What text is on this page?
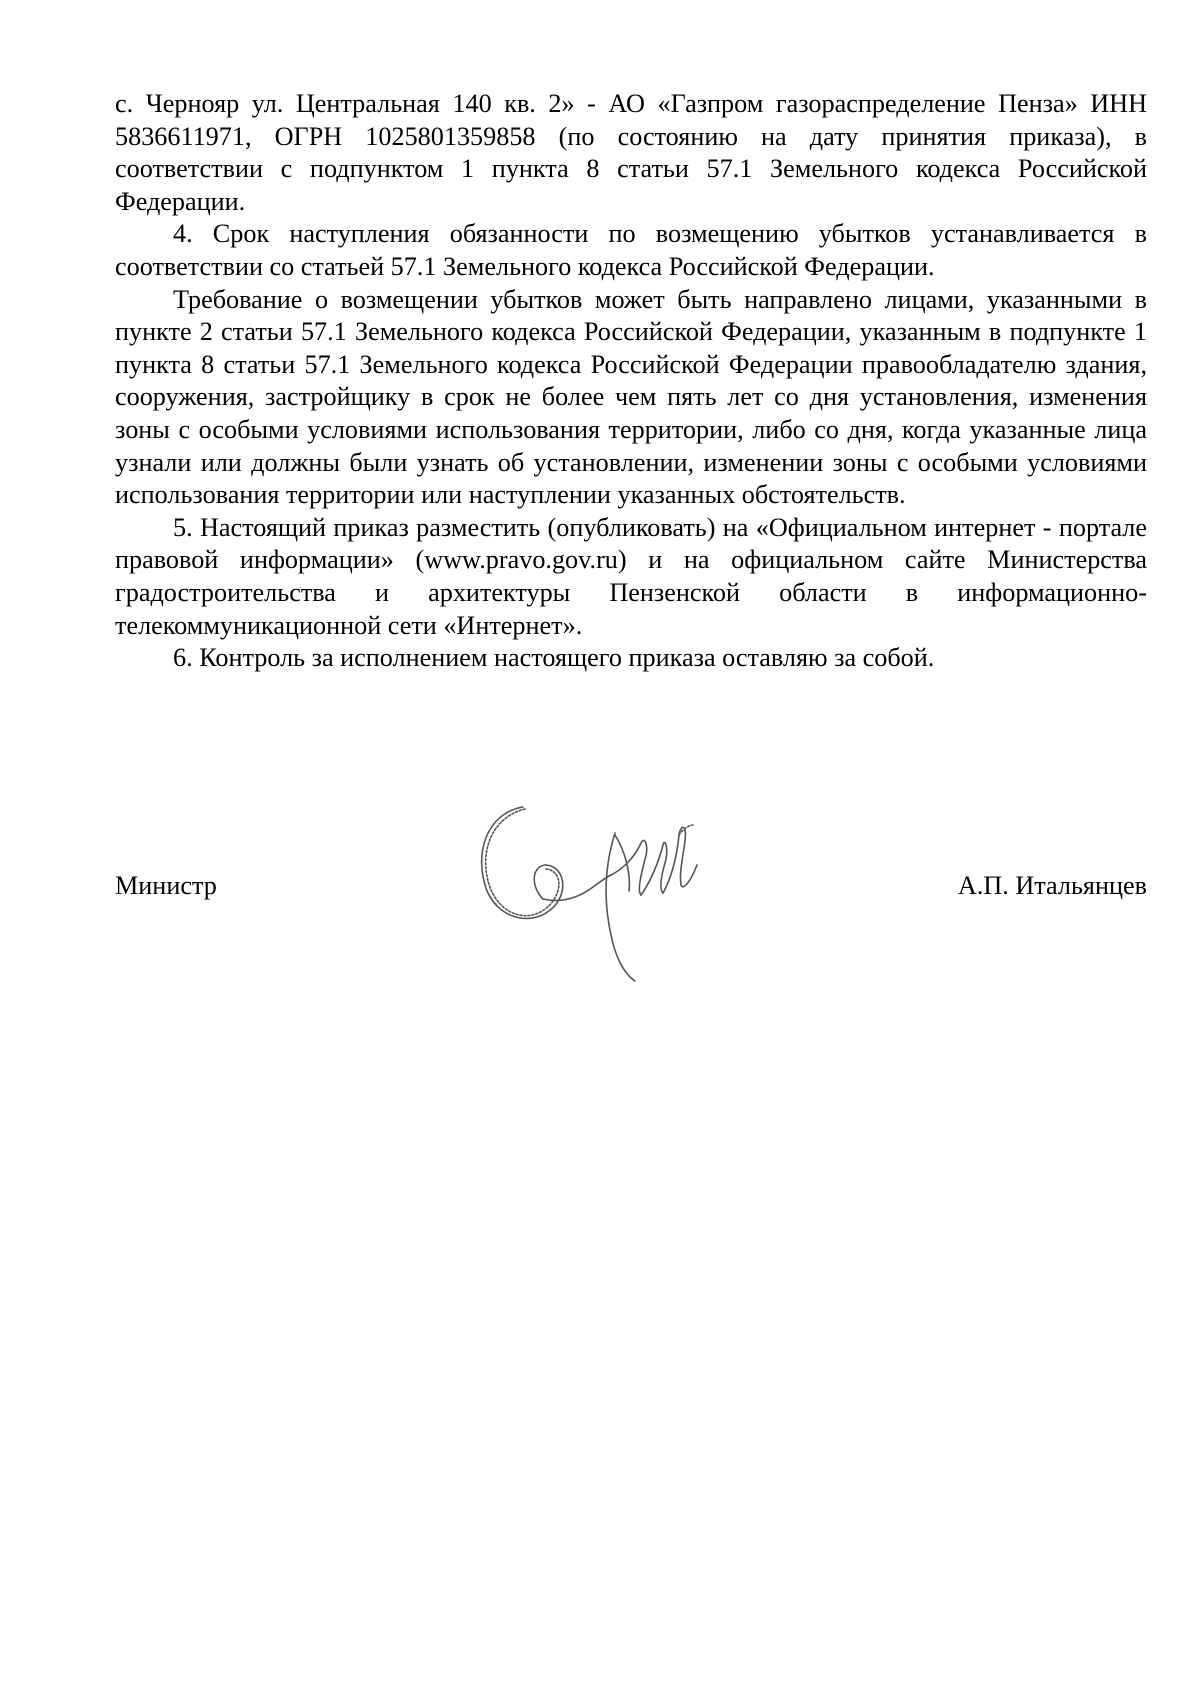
с. Чернояр ул. Центральная 140 кв. 2» - АО «Газпром газораспределение Пенза» ИНН 5836611971, ОГРН 1025801359858 (по состоянию на дату принятия приказа), в соответствии с подпунктом 1 пункта 8 статьи 57.1 Земельного кодекса Российской Федерации.

4. Срок наступления обязанности по возмещению убытков устанавливается в соответствии со статьей 57.1 Земельного кодекса Российской Федерации.

Требование о возмещении убытков может быть направлено лицами, указанными в пункте 2 статьи 57.1 Земельного кодекса Российской Федерации, указанным в подпункте 1 пункта 8 статьи 57.1 Земельного кодекса Российской Федерации правообладателю здания, сооружения, застройщику в срок не более чем пять лет со дня установления, изменения зоны с особыми условиями использования территории, либо со дня, когда указанные лица узнали или должны были узнать об установлении, изменении зоны с особыми условиями использования территории или наступлении указанных обстоятельств.

5. Настоящий приказ разместить (опубликовать) на «Официальном интернет - портале правовой информации» (www.pravo.gov.ru) и на официальном сайте Министерства градостроительства и архитектуры Пензенской области в информационно-телекоммуникационной сети «Интернет».

6. Контроль за исполнением настоящего приказа оставляю за собой.

Министр	А.П. Итальянцев
